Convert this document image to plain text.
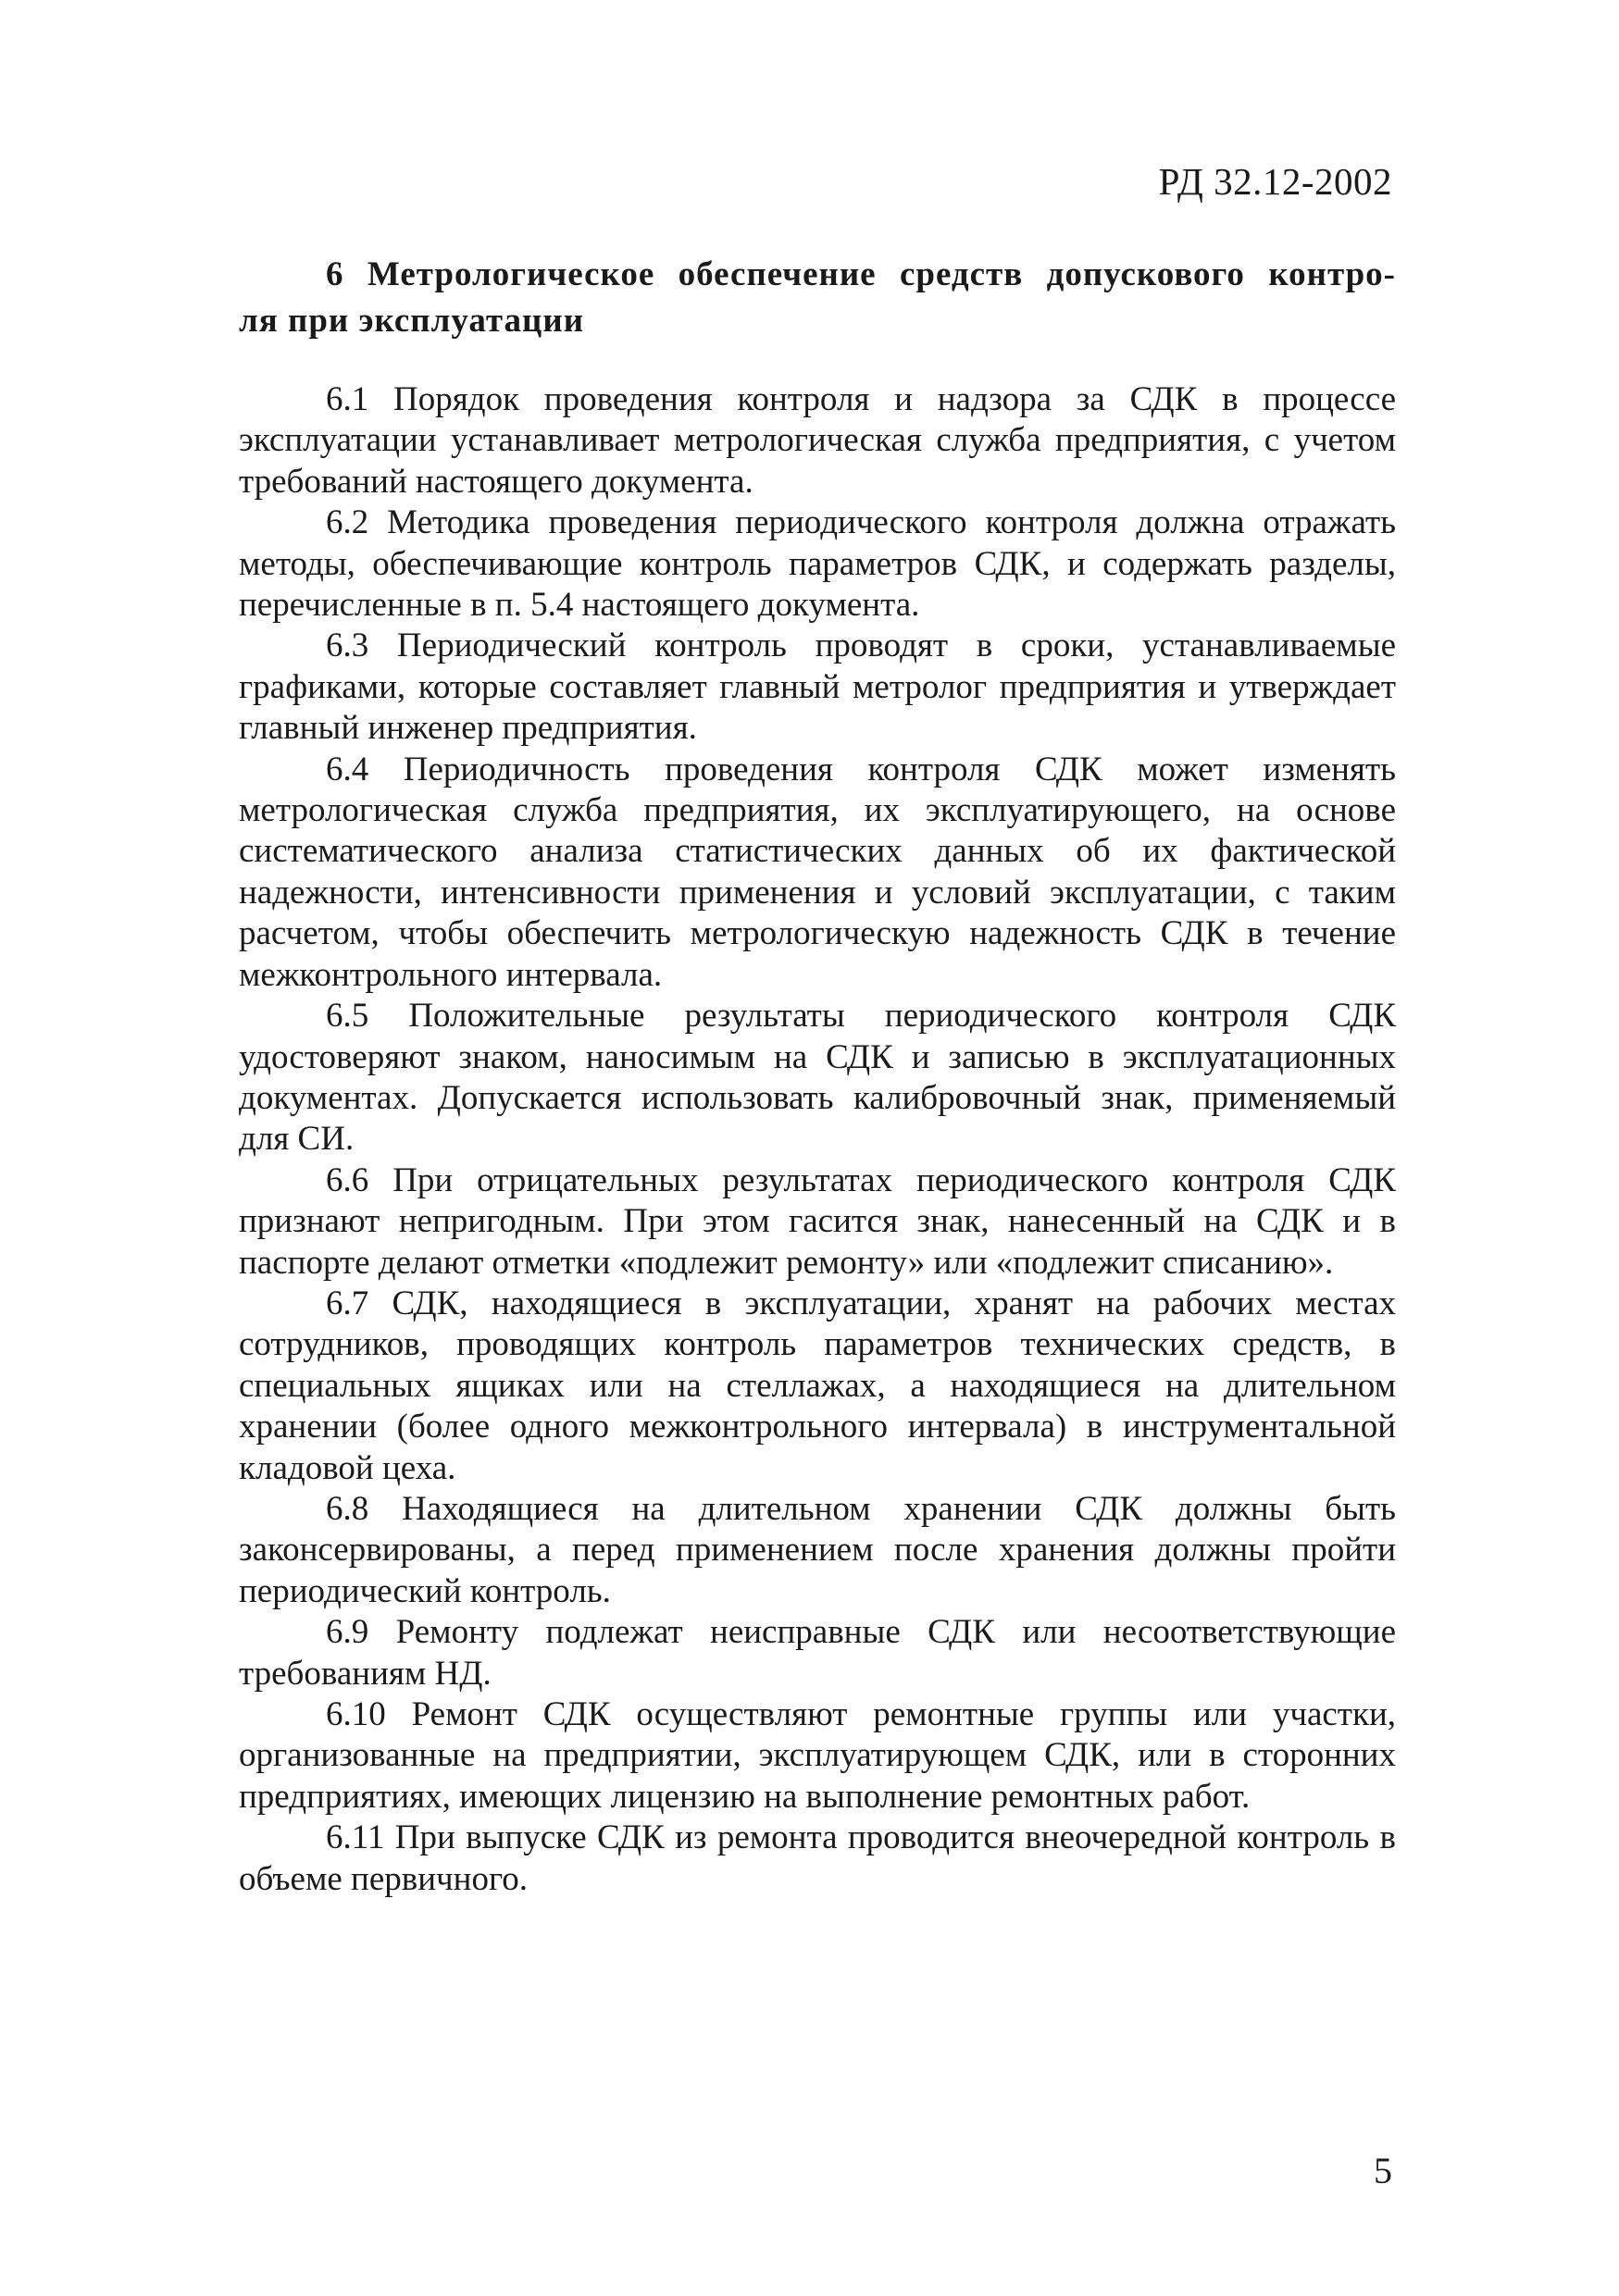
РД 32.12-2002
6 Метрологическое обеспечение средств допускового контро-
ля при эксплуатации

6.1 Порядок проведения контроля и надзора за СДК в процессе эксплуатации устанавливает метрологическая служба предприятия, с учетом требований настоящего документа.

6.2 Методика проведения периодического контроля должна отражать методы, обеспечивающие контроль параметров СДК, и содержать разделы, перечисленные в п. 5.4 настоящего документа.

6.3 Периодический контроль проводят в сроки, устанавливаемые графиками, которые составляет главный метролог предприятия и утверждает главный инженер предприятия.

6.4 Периодичность проведения контроля СДК может изменять метрологическая служба предприятия, их эксплуатирующего, на основе систематического анализа статистических данных об их фактической надежности, интенсивности применения и условий эксплуатации, с таким расчетом, чтобы обеспечить метрологическую надежность СДК в течение межконтрольного интервала.

6.5 Положительные результаты периодического контроля СДК удостоверяют знаком, наносимым на СДК и записью в эксплуатационных документах. Допускается использовать калибровочный знак, применяемый для СИ.

6.6 При отрицательных результатах периодического контроля СДК признают непригодным. При этом гасится знак, нанесенный на СДК и в паспорте делают отметки «подлежит ремонту» или «подлежит списанию».

6.7 СДК, находящиеся в эксплуатации, хранят на рабочих местах сотрудников, проводящих контроль параметров технических средств, в специальных ящиках или на стеллажах, а находящиеся на длительном хранении (более одного межконтрольного интервала) в инструментальной кладовой цеха.

6.8 Находящиеся на длительном хранении СДК должны быть законсервированы, а перед применением после хранения должны пройти периодический контроль.

6.9 Ремонту подлежат неисправные СДК или несоответствующие требованиям НД.

6.10 Ремонт СДК осуществляют ремонтные группы или участки, организованные на предприятии, эксплуатирующем СДК, или в сторонних предприятиях, имеющих лицензию на выполнение ремонтных работ.

6.11 При выпуске СДК из ремонта проводится внеочередной контроль в объеме первичного.

5
